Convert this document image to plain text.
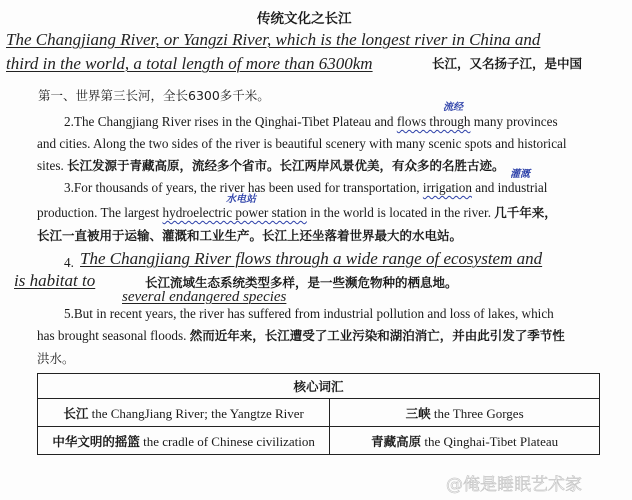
传统文化之长江
The Changjiang River, or Yangzi River, which is the longest river in China and
third in the world, a total length of more than 6300km	长江，又名扬子江，是中国
第一、世界第三长河，全长6300多千米。
流经
2.The Changjiang River rises in the Qinghai-Tibet Plateau and flows through many provinces
and cities. Along the two sides of the river is beautiful scenery with many scenic spots and historical
sites. 长江发源于青藏高原，流经多个省市。长江两岸风景优美，有众多的名胜古迹。
灌溉
3.For thousands of years, the river has been used for transportation, irrigation and industrial
水电站
production. The largest hydroelectric power station in the world is located in the river. 几千年来，
长江一直被用于运输、灌溉和工业生产。长江上还坐落着世界最大的水电站。
4. The Changjiang River flows through a wide range of ecosystem and
is habitat to	长江流域生态系统类型多样，是一些濒危物种的栖息地。
several endangered species
5.But in recent years, the river has suffered from industrial pollution and loss of lakes, which
has brought seasonal floods. 然而近年来，长江遭受了工业污染和湖泊消亡，并由此引发了季节性
洪水。
核心词汇	
长江 the ChangJiang River; the Yangtze River	三峡 the Three Gorges
中华文明的摇篮 the cradle of Chinese civilization	青藏高原 the Qinghai-Tibet Plateau
@俺是睡眠艺术家
